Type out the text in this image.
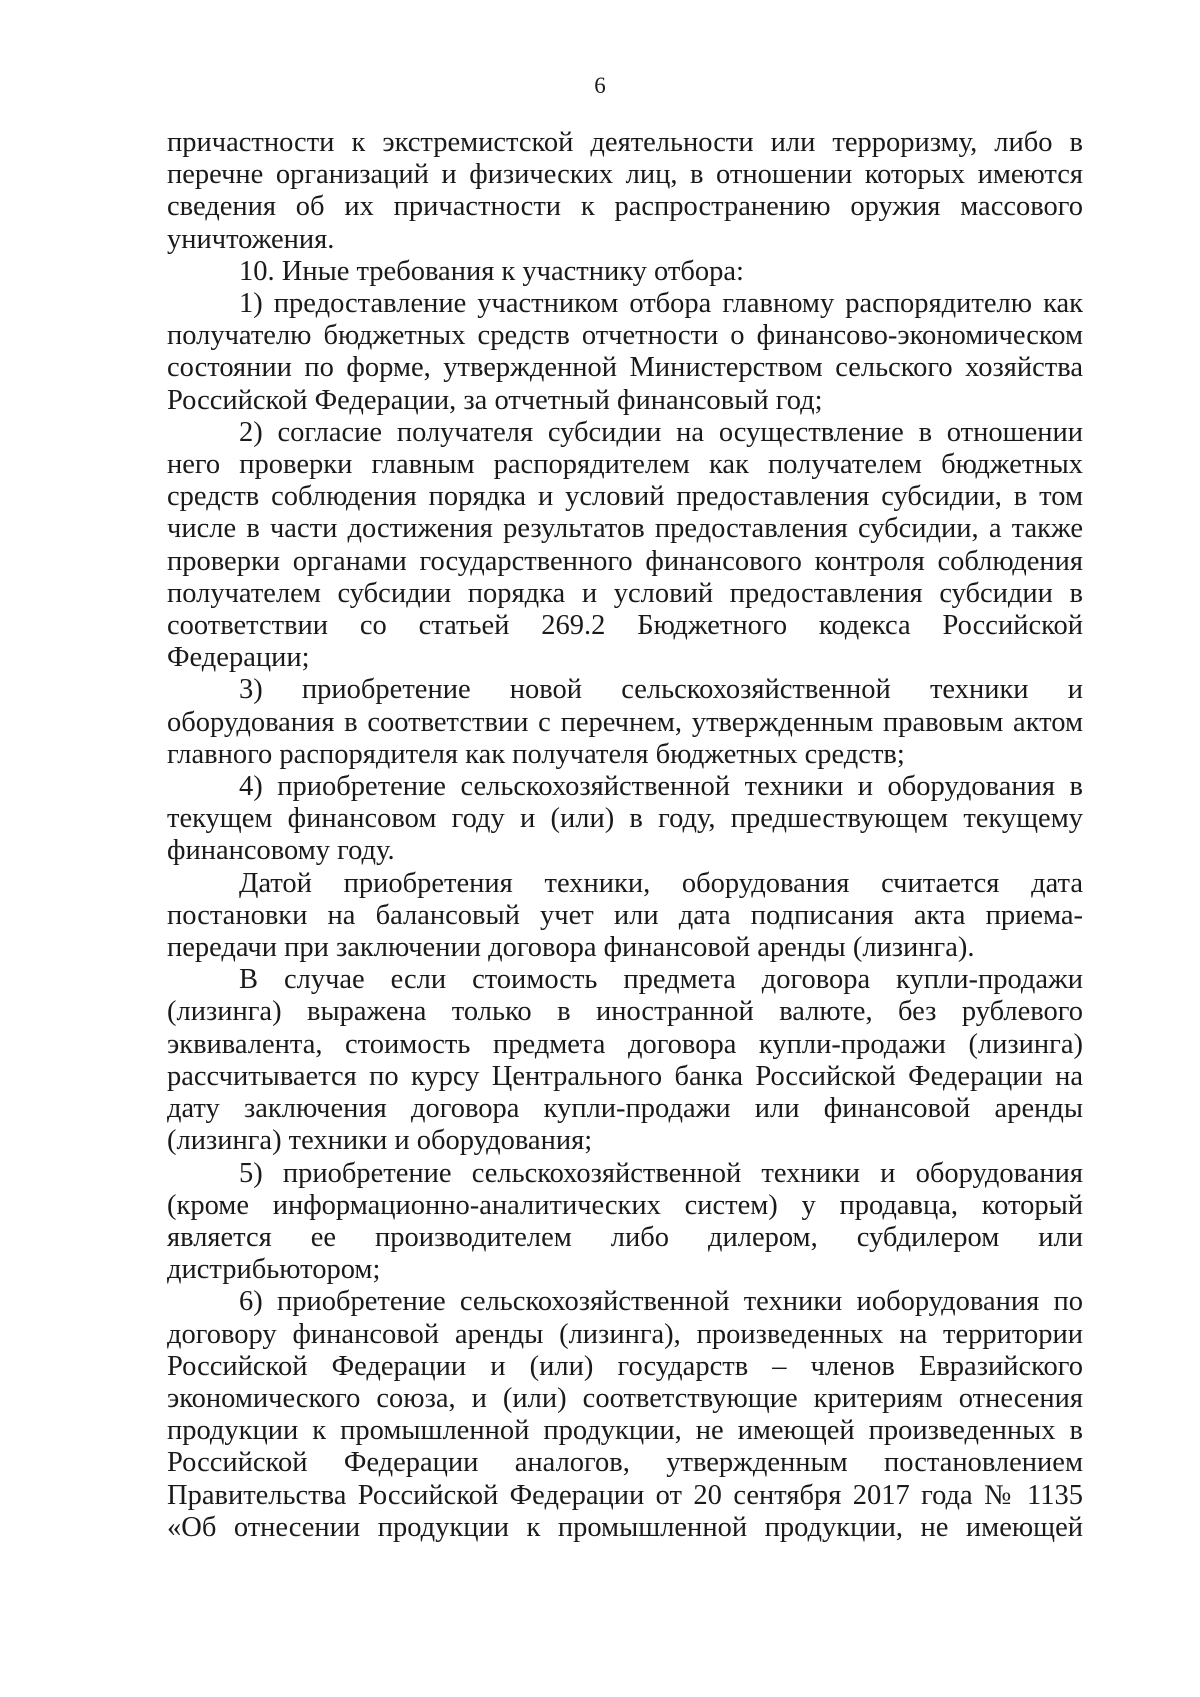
6

причастности к экстремистской деятельности или терроризму, либо в перечне организаций и физических лиц, в отношении которых имеются сведения об их причастности к распространению оружия массового уничтожения.

10. Иные требования к участнику отбора:

1) предоставление участником отбора главному распорядителю как получателю бюджетных средств отчетности о финансово-экономическом состоянии по форме, утвержденной Министерством сельского хозяйства Российской Федерации, за отчетный финансовый год;

2) согласие получателя субсидии на осуществление в отношении него проверки главным распорядителем как получателем бюджетных средств соблюдения порядка и условий предоставления субсидии, в том числе в части достижения результатов предоставления субсидии, а также проверки органами государственного финансового контроля соблюдения получателем субсидии порядка и условий предоставления субсидии в соответствии со статьей 269.2 Бюджетного кодекса Российской Федерации;

3) приобретение новой сельскохозяйственной техники и оборудования в соответствии с перечнем, утвержденным правовым актом главного распорядителя как получателя бюджетных средств;

4) приобретение сельскохозяйственной техники и оборудования в текущем финансовом году и (или) в году, предшествующем текущему финансовому году.

Датой приобретения техники, оборудования считается дата постановки на балансовый учет или дата подписания акта приема-передачи при заключении договора финансовой аренды (лизинга).

В случае если стоимость предмета договора купли-продажи (лизинга) выражена только в иностранной валюте, без рублевого эквивалента, стоимость предмета договора купли-продажи (лизинга) рассчитывается по курсу Центрального банка Российской Федерации на дату заключения договора купли-продажи или финансовой аренды (лизинга) техники и оборудования;

5) приобретение сельскохозяйственной техники и оборудования (кроме информационно-аналитических систем) у продавца, который является ее производителем либо дилером, субдилером или дистрибьютором;

6) приобретение сельскохозяйственной техники иоборудования по договору финансовой аренды (лизинга), произведенных на территории Российской Федерации и (или) государств – членов Евразийского экономического союза, и (или) соответствующие критериям отнесения продукции к промышленной продукции, не имеющей произведенных в Российской Федерации аналогов, утвержденным постановлением Правительства Российской Федерации от 20 сентября 2017 года № 1135 «Об отнесении продукции к промышленной продукции, не имеющей
